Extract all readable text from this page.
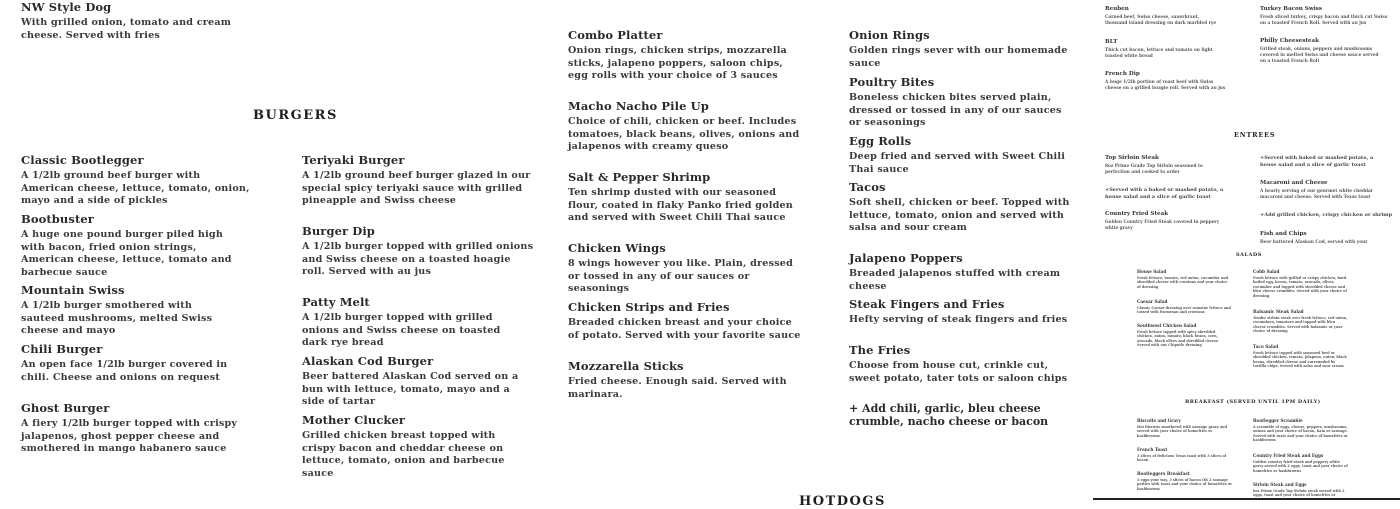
NW Style Dog
With grilled onion, tomato and cream cheese. Served with fries
BURGERS
Classic Bootlegger
A 1/2lb ground beef burger with American cheese, lettuce, tomato, onion, mayo and a side of pickles
Bootbuster
A huge one pound burger piled high with bacon, fried onion strings, American cheese, lettuce, tomato and barbecue sauce
Mountain Swiss
A 1/2lb burger smothered with sauteed mushrooms, melted Swiss cheese and mayo
Chili Burger
An open face 1/2lb burger covered in chili. Cheese and onions on request
Ghost Burger
A fiery 1/2lb burger topped with crispy jalapenos, ghost pepper cheese and smothered in mango habanero sauce
Teriyaki Burger
A 1/2lb ground beef burger glazed in our special spicy teriyaki sauce with grilled pineapple and Swiss cheese
Burger Dip
A 1/2lb burger topped with grilled onions and Swiss cheese on a toasted hoagie roll. Served with au jus
Patty Melt
A 1/2lb burger topped with grilled onions and Swiss cheese on toasted dark rye bread
Alaskan Cod Burger
Beer battered Alaskan Cod served on a bun with lettuce, tomato, mayo and a side of tartar
Mother Clucker
Grilled chicken breast topped with crispy bacon and cheddar cheese on lettuce, tomato, onion and barbecue sauce
Combo Platter
Onion rings, chicken strips, mozzarella sticks, jalapeno poppers, saloon chips, egg rolls with your choice of 3 sauces
Macho Nacho Pile Up
Choice of chili, chicken or beef. Includes tomatoes, black beans, olives, onions and jalapenos with creamy queso
Salt & Pepper Shrimp
Ten shrimp dusted with our seasoned flour, coated in flaky Panko fried golden and served with Sweet Chili Thai sauce
Chicken Wings
8 wings however you like. Plain, dressed or tossed in any of our sauces or seasonings
Chicken Strips and Fries
Breaded chicken breast and your choice of potato. Served with your favorite sauce
Mozzarella Sticks
Fried cheese. Enough said. Served with marinara.
Onion Rings
Golden rings sever with our homemade sauce
Poultry Bites
Boneless chicken bites served plain, dressed or tossed in any of our sauces or seasonings
Egg Rolls
Deep fried and served with Sweet Chili Thai sauce
Tacos
Soft shell, chicken or beef. Topped with lettuce, tomato, onion and served with salsa and sour cream
Jalapeno Poppers
Breaded jalapenos stuffed with cream cheese
Steak Fingers and Fries
Hefty serving of steak fingers and fries
The Fries
Choose from house cut, crinkle cut, sweet potato, tater tots or saloon chips
+ Add chili, garlic, bleu cheese crumble, nacho cheese or bacon
HOTDOGS
Reuben
Corned beef, Swiss cheese, sauerkraut, thousand island dressing on dark marbled rye
BLT
Thick cut bacon, lettuce and tomato on light toasted white bread
French Dip
A huge 1/2lb portion of roast beef with Swiss cheese on a grilled hoagie roll. Served with au jus
Turkey Bacon Swiss
Fresh sliced turkey, crispy bacon and thick cut Swiss on a toasted French Roll. Served with au jus
Philly Cheesesteak
Grilled steak, onions, peppers and mushrooms covered in melted Swiss and cheese sauce served on a toasted French Roll
ENTREES
Top Sirloin Steak
8oz Prime Grade Top Sirloin seasoned to perfection and cooked to order
+Served with a baked or mashed potato, a house salad and a slice of garlic toast
Country Fried Steak
Golden Country Fried Steak covered in peppery white gravy
+Served with baked or mashed potato, a house salad and a slice of garlic toast
Macaroni and Cheese
A hearty serving of our gourmet white cheddar macaroni and cheese. Served with Texas toast
+Add grilled chicken, crispy chicken or shrimp
Fish and Chips
Beer battered Alaskan Cod, served with your
SALADS
House Salad
Fresh lettuce, tomato, red onion, cucumber and shredded cheese with croutons and your choice of dressing
Caesar Salad
Classic Caesar dressing over romaine lettuce and tossed with Parmesan and croutons
Southwest Chicken Salad
Fresh lettuce topped with spicy shredded chicken, onion, tomato, black beans, corn, avocado, black olives and shredded cheese. Served with our Chipotle dressing
Cobb Salad
Fresh lettuce with grilled or crispy chicken, hard boiled egg, bacon, tomato, avocado, olives, cucumber and topped with shredded cheese and bleu cheese crumbles. Served with your choice of dressing
Balsamic Steak Salad
Tender sirloin steak over fresh lettuce, red onion, cucumbers, tomatoes and topped with bleu cheese crumbles. Served with balsamic or your choice of dressing
Taco Salad
Fresh lettuce topped with seasoned beef or shredded chicken, tomato, jalapeno, onion, black beans, shredded cheese and surrounded by tortilla chips. Served with salsa and sour cream
BREAKFAST (SERVED UNTIL 1PM DAILY)
Biscuits and Gravy
Hot biscuits smothered with sausage gravy and served with your choice of homefries or hashbrowns
French Toast
3 slices of delicious Texas toast with 3 slices of bacon
Bootleggers Breakfast
3 eggs your way, 3 slices of bacon OR 2 sausage patties with toast and your choice of homefries or hashbrowns
Bootlegger Scramble
A scramble of eggs, cheese, peppers, mushrooms, onions and your choice of bacon, ham or sausage. Served with toast and your choice of homefries or hashbrowns
Country Fried Steak and Eggs
Golden country fried steak and peppery white gravy served with 2 eggs, toast and your choice of homefries or hashbrowns
Sirloin Steak and Eggs
8oz Prime Grade Top Sirloin steak served with 2 eggs, toast and your choice of homefries or
